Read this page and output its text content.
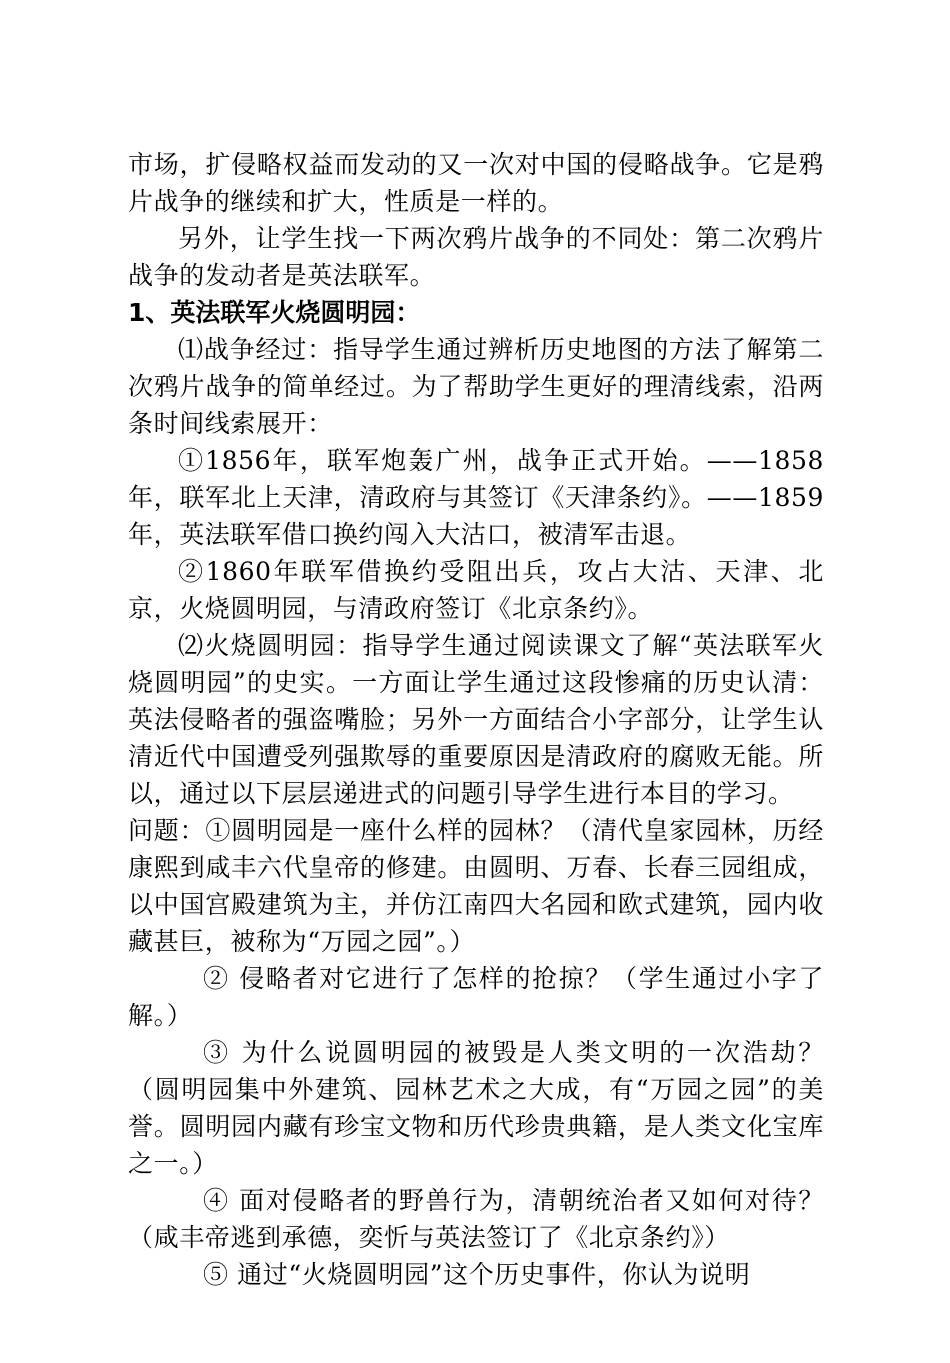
市场，扩侵略权益而发动的又一次对中国的侵略战争。它是鸦片战争的继续和扩大，性质是一样的。

另外，让学生找一下两次鸦片战争的不同处：第二次鸦片战争的发动者是英法联军。

1、英法联军火烧圆明园：

⑴战争经过：指导学生通过辨析历史地图的方法了解第二次鸦片战争的简单经过。为了帮助学生更好的理清线索，沿两条时间线索展开：

①1856年，联军炮轰广州，战争正式开始。——1858年，联军北上天津，清政府与其签订《天津条约》。——1859年，英法联军借口换约闯入大沽口，被清军击退。

②1860年联军借换约受阻出兵，攻占大沽、天津、北京，火烧圆明园，与清政府签订《北京条约》。

⑵火烧圆明园：指导学生通过阅读课文了解“英法联军火烧圆明园”的史实。一方面让学生通过这段惨痛的历史认清：英法侵略者的强盗嘴脸；另外一方面结合小字部分，让学生认清近代中国遭受列强欺辱的重要原因是清政府的腐败无能。所以，通过以下层层递进式的问题引导学生进行本目的学习。

问题：①圆明园是一座什么样的园林？（清代皇家园林，历经康熙到咸丰六代皇帝的修建。由圆明、万春、长春三园组成，以中国宫殿建筑为主，并仿江南四大名园和欧式建筑，园内收藏甚巨，被称为“万园之园”。）

② 侵略者对它进行了怎样的抢掠？（学生通过小字了解。）

③ 为什么说圆明园的被毁是人类文明的一次浩劫？（圆明园集中外建筑、园林艺术之大成，有“万园之园”的美誉。圆明园内藏有珍宝文物和历代珍贵典籍，是人类文化宝库之一。）

④ 面对侵略者的野兽行为，清朝统治者又如何对待？（咸丰帝逃到承德，奕忻与英法签订了《北京条约》）

⑤ 通过“火烧圆明园”这个历史事件，你认为说明
